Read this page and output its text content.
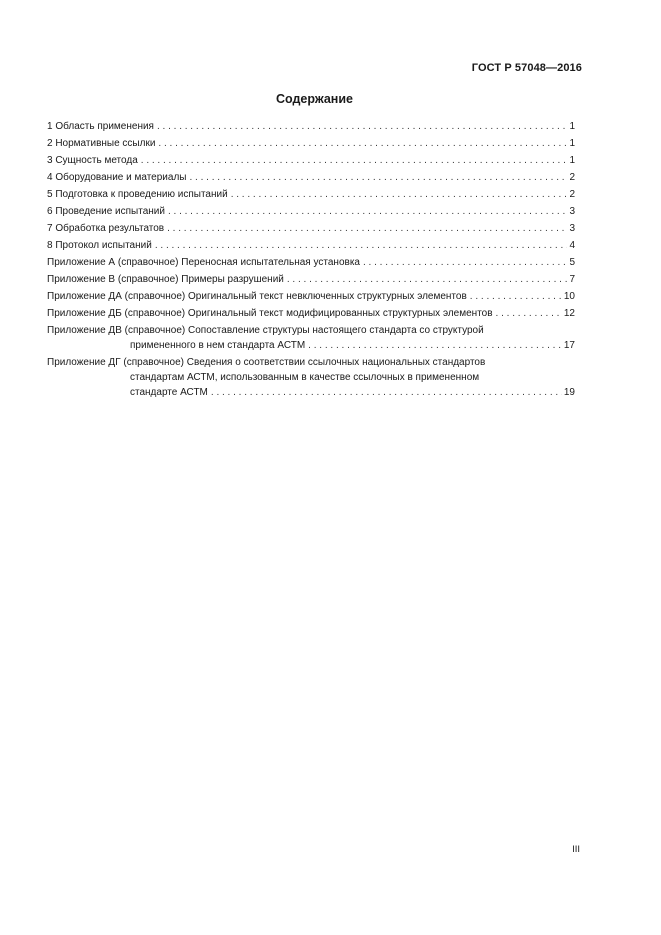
ГОСТ Р 57048—2016
Содержание
1 Область применения . . .	1
2 Нормативные ссылки . . .	1
3 Сущность метода . . .	1
4 Оборудование и материалы . . .	2
5 Подготовка к проведению испытаний . . .	2
6 Проведение испытаний . . .	3
7 Обработка результатов . . .	3
8 Протокол испытаний . . .	4
Приложение А (справочное) Переносная испытательная установка . . .	5
Приложение В (справочное) Примеры разрушений . . .	7
Приложение ДА (справочное) Оригинальный текст невключенных структурных элементов . . .	10
Приложение ДБ (справочное) Оригинальный текст модифицированных структурных элементов . . .	12
Приложение ДВ (справочное) Сопоставление структуры настоящего стандарта со структурой
примененного в нем стандарта АСТМ . . .	17
Приложение ДГ (справочное) Сведения о соответствии ссылочных национальных стандартов
стандартам АСТМ, использованным в качестве ссылочных в примененном
стандарте АСТМ . . .	19
III
